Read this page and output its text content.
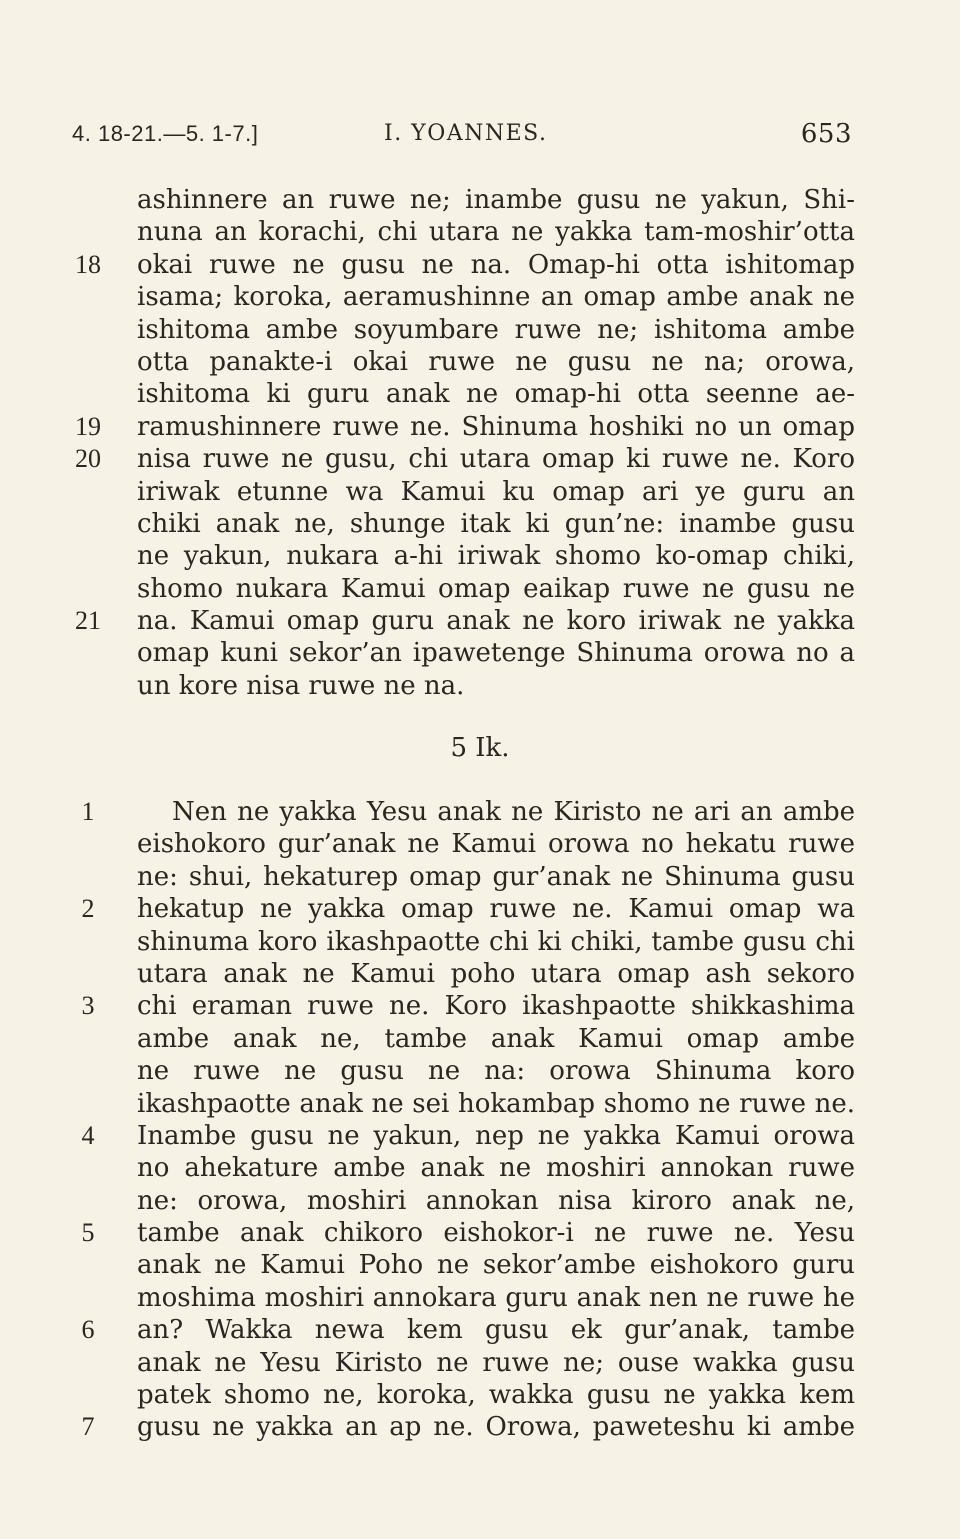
4. 18-21.—5. 1-7.]	I. YOANNES.	653
ashinnere an ruwe ne; inambe gusu ne yakun, Shi-
nuna an korachi, chi utara ne yakka tam-moshir’otta
18 okai ruwe ne gusu ne na. Omap-hi otta ishitomap
isama; koroka, aeramushinne an omap ambe anak ne
ishitoma ambe soyumbare ruwe ne; ishitoma ambe
otta panakte-i okai ruwe ne gusu ne na; orowa,
ishitoma ki guru anak ne omap-hi otta seenne ae-
19 ramushinnere ruwe ne. Shinuma hoshiki no un omap
20 nisa ruwe ne gusu, chi utara omap ki ruwe ne. Koro
iriwak etunne wa Kamui ku omap ari ye guru an
chiki anak ne, shunge itak ki gun’ne: inambe gusu
ne yakun, nukara a-hi iriwak shomo ko-omap chiki,
shomo nukara Kamui omap eaikap ruwe ne gusu ne
21 na. Kamui omap guru anak ne koro iriwak ne yakka
omap kuni sekor’an ipawetenge Shinuma orowa no a
un kore nisa ruwe ne na.
5 Ik.
1	Nen ne yakka Yesu anak ne Kiristo ne ari an ambe
eishokoro gur’anak ne Kamui orowa no hekatu ruwe
ne: shui, hekaturep omap gur’anak ne Shinuma gusu
2	hekatup ne yakka omap ruwe ne. Kamui omap wa
shinuma koro ikashpaotte chi ki chiki, tambe gusu chi
utara anak ne Kamui poho utara omap ash sekoro
3	chi eraman ruwe ne. Koro ikashpaotte shikkashima
ambe anak ne, tambe anak Kamui omap ambe
ne ruwe ne gusu ne na: orowa Shinuma koro
ikashpaotte anak ne sei hokambap shomo ne ruwe ne.
4	Inambe gusu ne yakun, nep ne yakka Kamui orowa
no ahekature ambe anak ne moshiri annokan ruwe
ne: orowa, moshiri annokan nisa kiroro anak ne,
5	tambe anak chikoro eishokor-i ne ruwe ne. Yesu
anak ne Kamui Poho ne sekor’ambe eishokoro guru
moshima moshiri annokara guru anak nen ne ruwe he
6	an? Wakka newa kem gusu ek gur’anak, tambe
anak ne Yesu Kiristo ne ruwe ne; ouse wakka gusu
patek shomo ne, koroka, wakka gusu ne yakka kem
7	gusu ne yakka an ap ne. Orowa, paweteshu ki ambe
